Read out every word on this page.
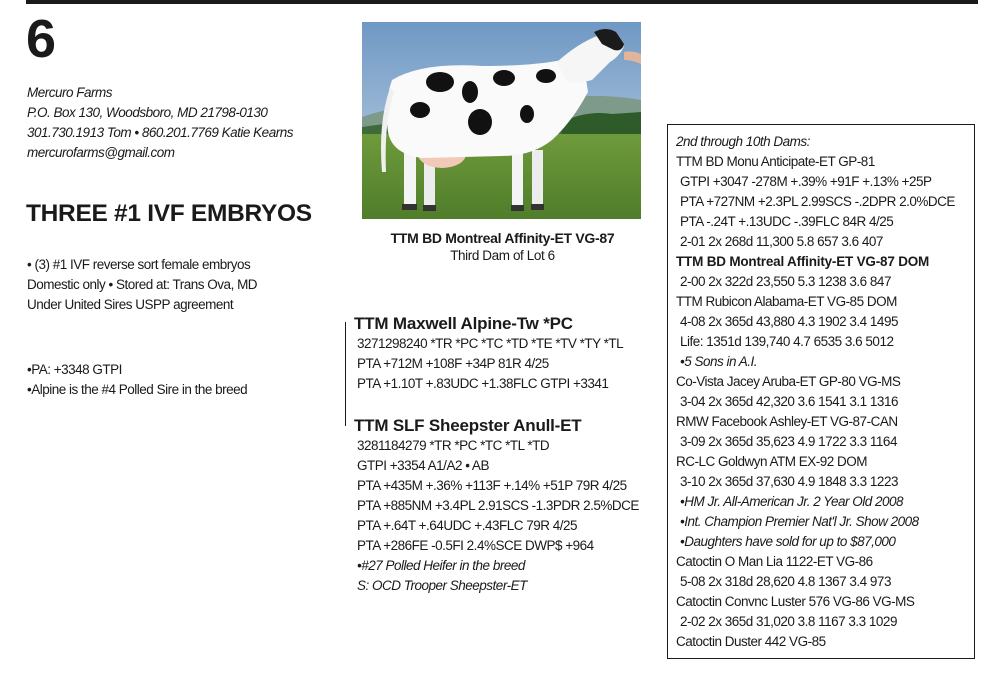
6
Mercuro Farms
P.O. Box 130, Woodsboro, MD 21798-0130
301.730.1913 Tom • 860.201.7769 Katie Kearns
mercurofarms@gmail.com
THREE #1 IVF EMBRYOS
• (3) #1 IVF reverse sort female embryos
Domestic only • Stored at: Trans Ova, MD
Under United Sires USPP agreement
•PA: +3348 GTPI
•Alpine is the #4 Polled Sire in the breed
TTM BD Montreal Affinity-ET VG-87
Third Dam of Lot 6
TTM Maxwell Alpine-Tw *PC
3271298240 *TR *PC *TC *TD *TE *TV *TY *TL
PTA +712M +108F +34P 81R 4/25
PTA +1.10T +.83UDC +1.38FLC GTPI +3341
TTM SLF Sheepster Anull-ET
3281184279 *TR *PC *TC *TL *TD
GTPI +3354 A1/A2 • AB
PTA +435M +.36% +113F +.14% +51P 79R 4/25
PTA +885NM +3.4PL 2.91SCS -1.3PDR 2.5%DCE
PTA +.64T +.64UDC +.43FLC 79R 4/25
PTA +286FE -0.5FI 2.4%SCE DWP$ +964
•#27 Polled Heifer in the breed
S: OCD Trooper Sheepster-ET
2nd through 10th Dams:
TTM BD Monu Anticipate-ET GP-81
GTPI +3047 -278M +.39% +91F +.13% +25P
PTA +727NM +2.3PL 2.99SCS -.2DPR 2.0%DCE
PTA -.24T +.13UDC -.39FLC 84R 4/25
2-01 2x 268d 11,300 5.8 657 3.6 407
TTM BD Montreal Affinity-ET VG-87 DOM
2-00 2x 322d 23,550 5.3 1238 3.6 847
TTM Rubicon Alabama-ET VG-85 DOM
4-08 2x 365d 43,880 4.3 1902 3.4 1495
Life: 1351d 139,740 4.7 6535 3.6 5012
•5 Sons in A.I.
Co-Vista Jacey Aruba-ET GP-80 VG-MS
3-04 2x 365d 42,320 3.6 1541 3.1 1316
RMW Facebook Ashley-ET VG-87-CAN
3-09 2x 365d 35,623 4.9 1722 3.3 1164
RC-LC Goldwyn ATM EX-92 DOM
3-10 2x 365d 37,630 4.9 1848 3.3 1223
•HM Jr. All-American Jr. 2 Year Old 2008
•Int. Champion Premier Nat'l Jr. Show 2008
•Daughters have sold for up to $87,000
Catoctin O Man Lia 1122-ET VG-86
5-08 2x 318d 28,620 4.8 1367 3.4 973
Catoctin Convnc Luster 576 VG-86 VG-MS
2-02 2x 365d 31,020 3.8 1167 3.3 1029
Catoctin Duster 442 VG-85
